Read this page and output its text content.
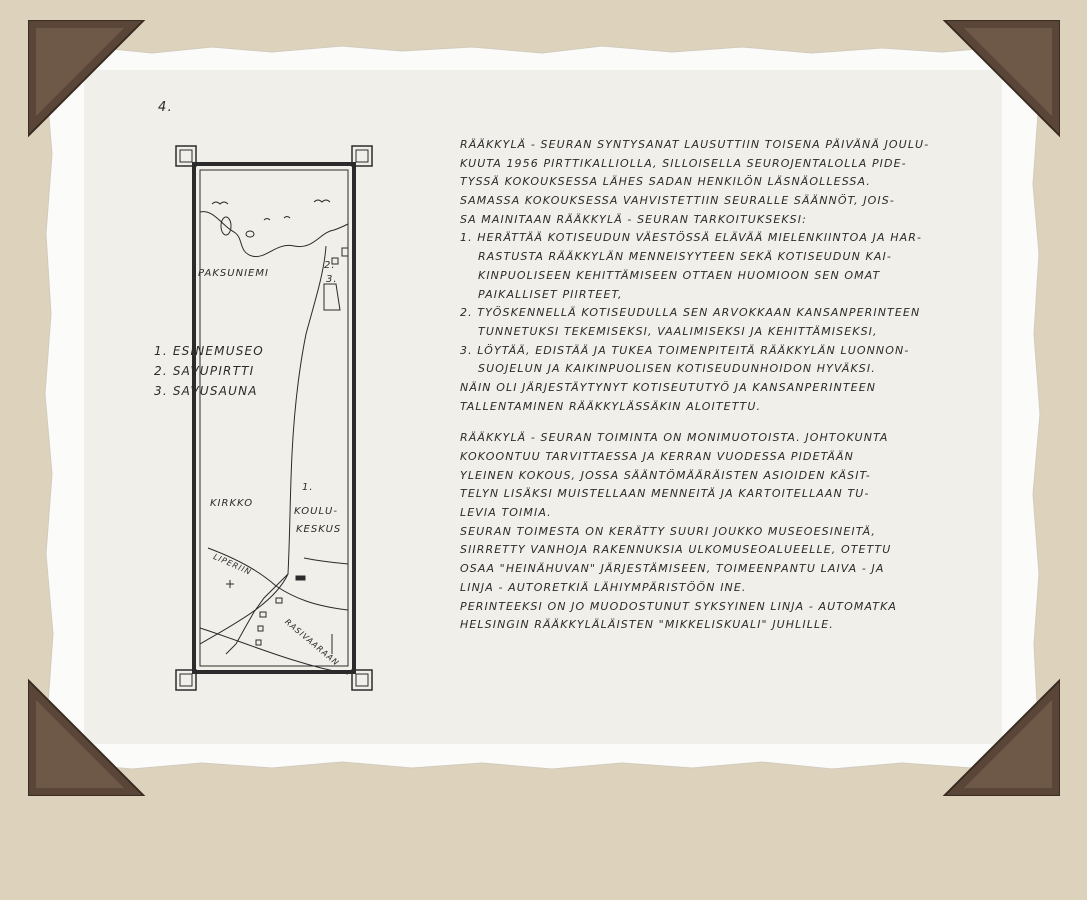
4.
PAKSUNIEMI
2.
3.
KIRKKO
1.
KOULU-
KESKUS
LIPERIIN
RASIVAARAAN
1. ESINEMUSEO
2. SAVUPIRTTI
3. SAVUSAUNA
RÄÄKKYLÄ - SEURAN SYNTYSANAT LAUSUTTIIN TOISENA PÄIVÄNÄ JOULU-
KUUTA 1956 PIRTTIKALLIOLLA, SILLOISELLA SEUROJENTALOLLA PIDE-
TYSSÄ KOKOUKSESSA LÄHES SADAN HENKILÖN LÄSNÄOLLESSA.
SAMASSA KOKOUKSESSA VAHVISTETTIIN SEURALLE SÄÄNNÖT, JOIS-
SA MAINITAAN RÄÄKKYLÄ - SEURAN TARKOITUKSEKSI:
1. HERÄTTÄÄ KOTISEUDUN VÄESTÖSSÄ ELÄVÄÄ MIELENKIINTOA JA HAR-
RASTUSTA RÄÄKKYLÄN MENNEISYYTEEN SEKÄ KOTISEUDUN KAI-
KINPUOLISEEN KEHITTÄMISEEN OTTAEN HUOMIOON SEN OMAT
PAIKALLISET PIIRTEET,
2. TYÖSKENNELLÄ KOTISEUDULLA SEN ARVOKKAAN KANSANPERINTEEN
TUNNETUKSI TEKEMISEKSI, VAALIMISEKSI JA KEHITTÄMISEKSI,
3. LÖYTÄÄ, EDISTÄÄ JA TUKEA TOIMENPITEITÄ RÄÄKKYLÄN LUONNON-
SUOJELUN JA KAIKINPUOLISEN KOTISEUDUNHOIDON HYVÄKSI.
NÄIN OLI JÄRJESTÄYTYNYT KOTISEUTUTYÖ JA KANSANPERINTEEN
TALLENTAMINEN RÄÄKKYLÄSSÄKIN ALOITETTU.
RÄÄKKYLÄ - SEURAN TOIMINTA ON MONIMUOTOISTA. JOHTOKUNTA
KOKOONTUU TARVITTAESSA JA KERRAN VUODESSA PIDETÄÄN
YLEINEN KOKOUS, JOSSA SÄÄNTÖMÄÄRÄISTEN ASIOIDEN KÄSIT-
TELYN LISÄKSI MUISTELLAAN MENNEITÄ JA KARTOITELLAAN TU-
LEVIA TOIMIA.
SEURAN TOIMESTA ON KERÄTTY SUURI JOUKKO MUSEOESINEITÄ,
SIIRRETTY VANHOJA RAKENNUKSIA ULKOMUSEOALUEELLE, OTETTU
OSAA "HEINÄHUVAN" JÄRJESTÄMISEEN, TOIMEENPANTU LAIVA - JA
LINJA - AUTORETKIÄ LÄHIYMPÄRISTÖÖN INE.
PERINTEEKSI ON JO MUODOSTUNUT SYKSYINEN LINJA - AUTOMATKA
HELSINGIN RÄÄKKYLÄLÄISTEN "MIKKELISKUALI" JUHLILLE.
